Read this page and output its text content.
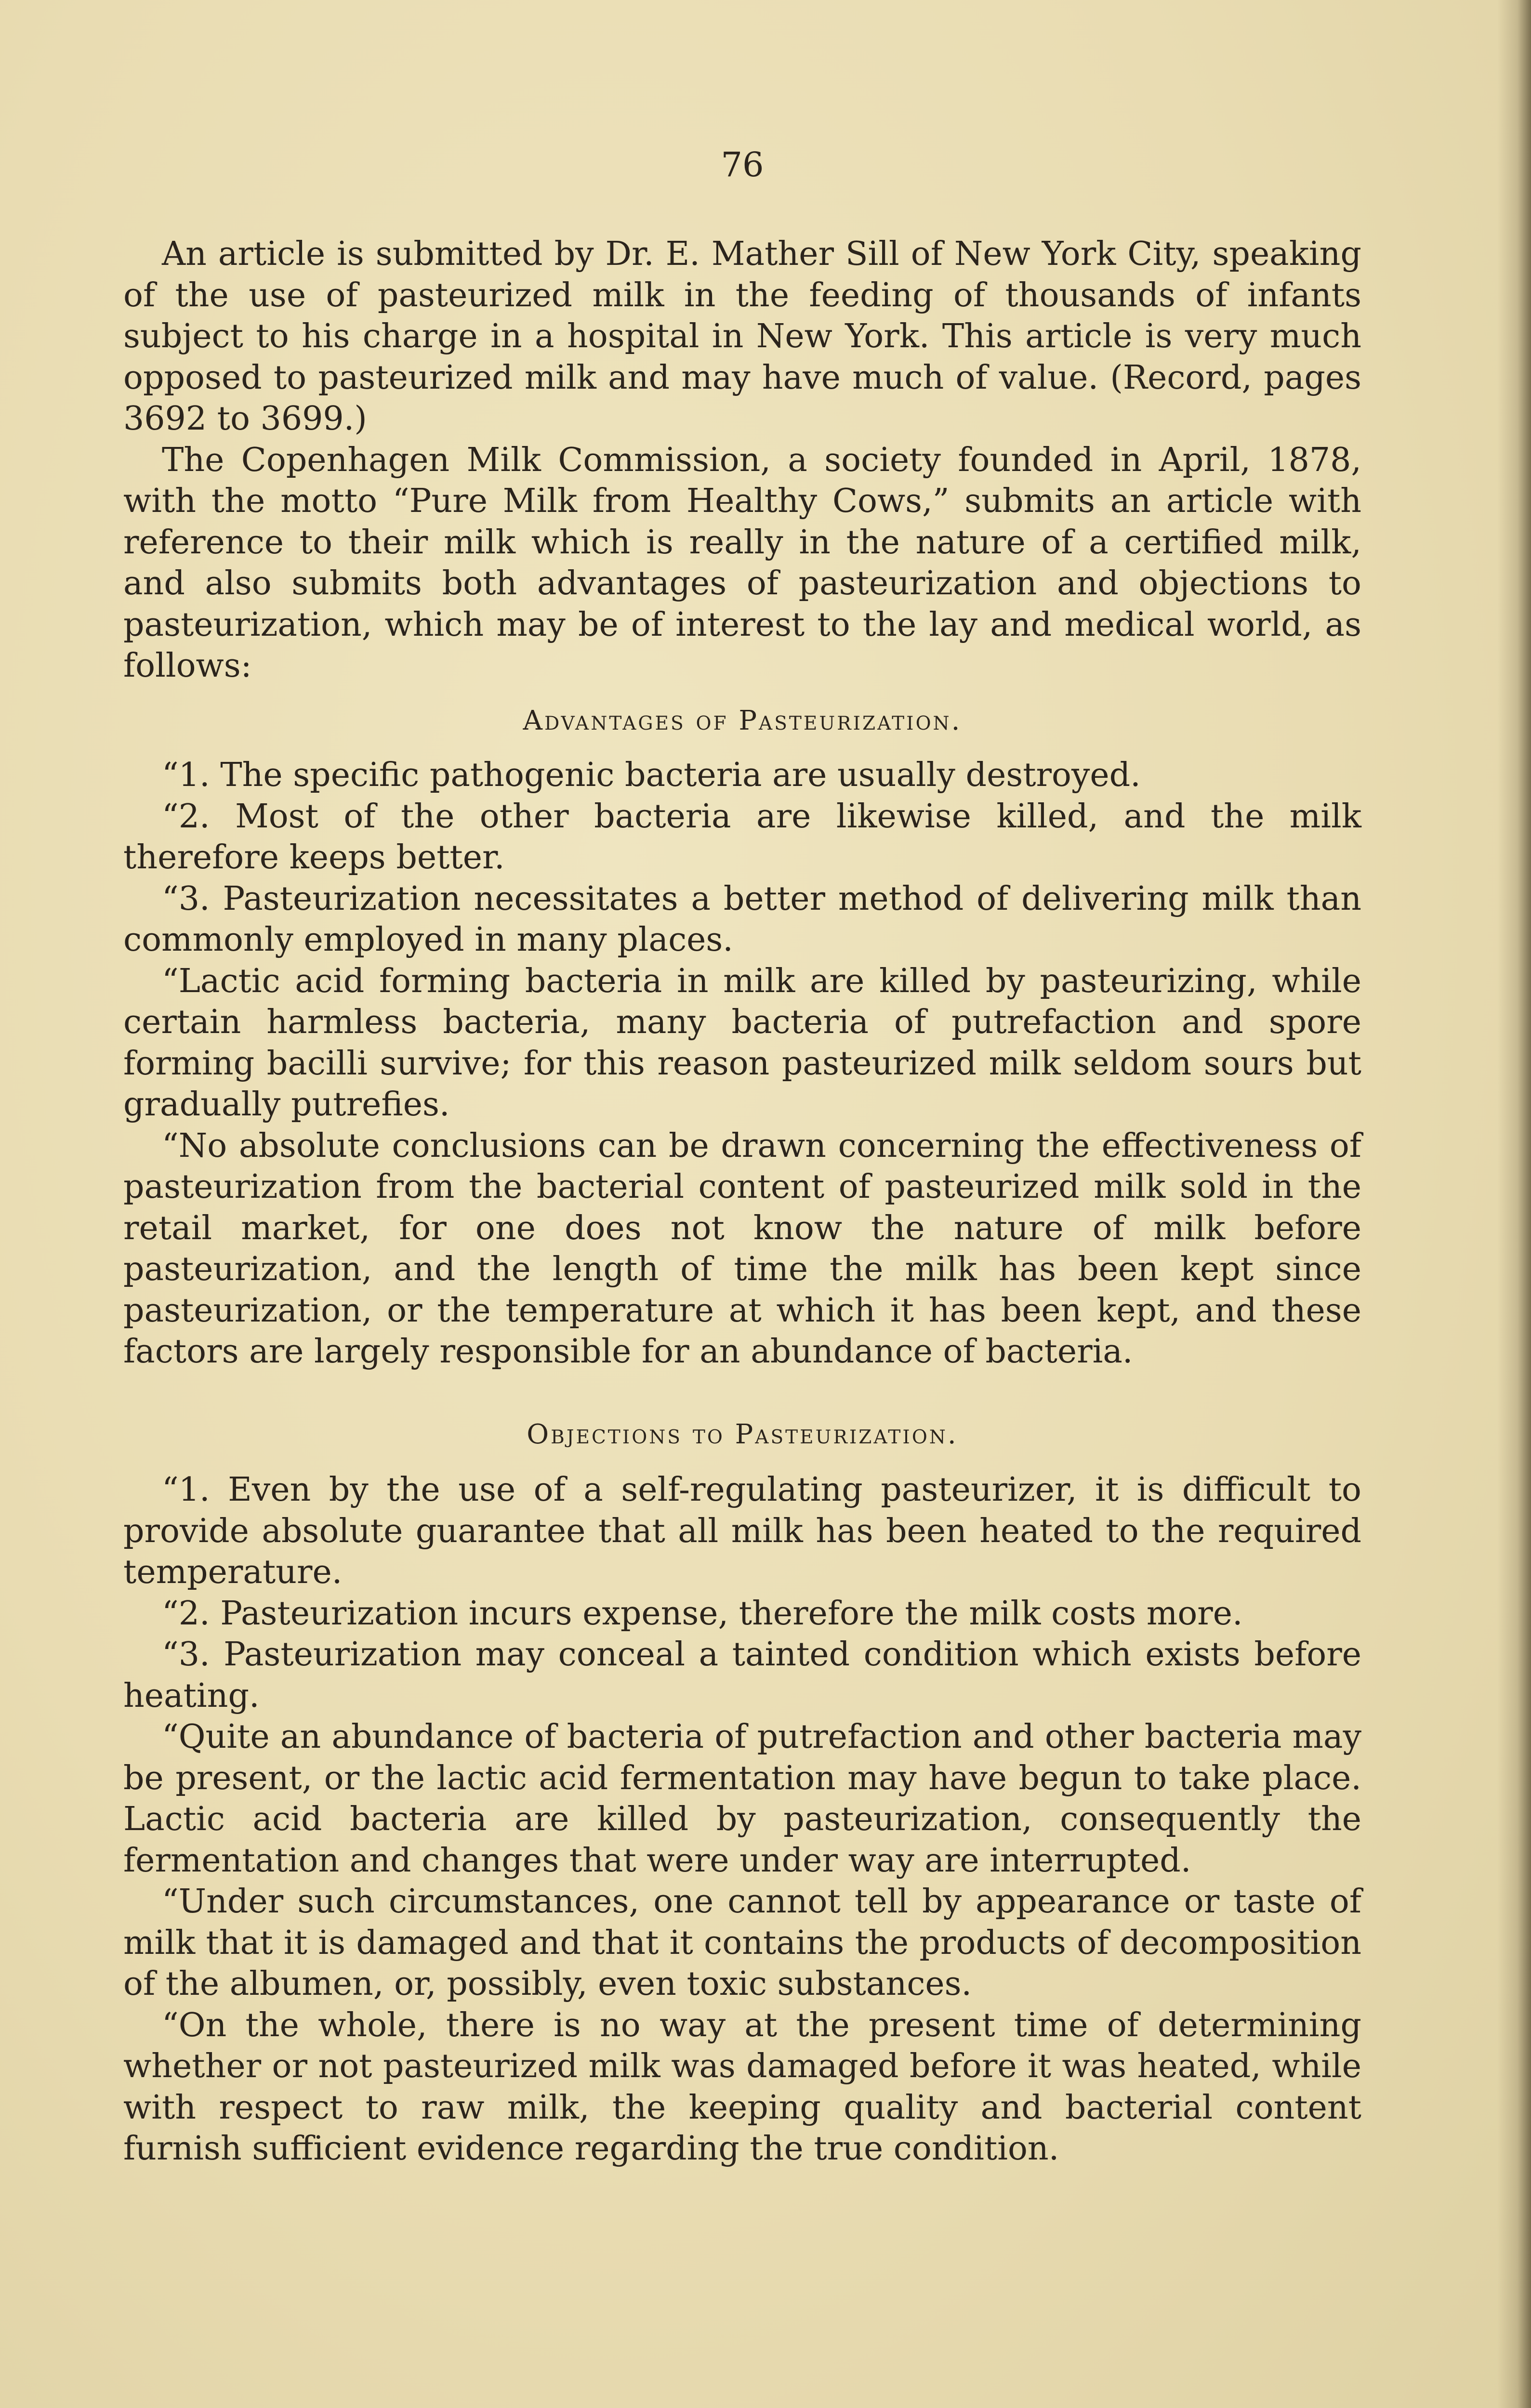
76

An article is submitted by Dr. E. Mather Sill of New York City, speaking of the use of pasteurized milk in the feeding of thousands of infants subject to his charge in a hospital in New York. This article is very much opposed to pasteurized milk and may have much of value. (Record, pages 3692 to 3699.)

The Copenhagen Milk Commission, a society founded in April, 1878, with the motto “Pure Milk from Healthy Cows,” submits an article with reference to their milk which is really in the nature of a certified milk, and also submits both advantages of pasteurization and objections to pasteurization, which may be of interest to the lay and medical world, as follows:

Advantages of Pasteurization.

“1. The specific pathogenic bacteria are usually destroyed.

“2. Most of the other bacteria are likewise killed, and the milk therefore keeps better.

“3. Pasteurization necessitates a better method of delivering milk than commonly employed in many places.

“Lactic acid forming bacteria in milk are killed by pasteurizing, while certain harmless bacteria, many bacteria of putrefaction and spore forming bacilli survive; for this reason pasteurized milk seldom sours but gradually putrefies.

“No absolute conclusions can be drawn concerning the effectiveness of pasteurization from the bacterial content of pasteurized milk sold in the retail market, for one does not know the nature of milk before pasteurization, and the length of time the milk has been kept since pasteurization, or the temperature at which it has been kept, and these factors are largely responsible for an abundance of bacteria.

Objections to Pasteurization.

“1. Even by the use of a self-regulating pasteurizer, it is difficult to provide absolute guarantee that all milk has been heated to the required temperature.

“2. Pasteurization incurs expense, therefore the milk costs more.

“3. Pasteurization may conceal a tainted condition which exists before heating.

“Quite an abundance of bacteria of putrefaction and other bacteria may be present, or the lactic acid fermentation may have begun to take place. Lactic acid bacteria are killed by pasteurization, consequently the fermentation and changes that were under way are interrupted.

“Under such circumstances, one cannot tell by appearance or taste of milk that it is damaged and that it contains the products of decomposition of the albumen, or, possibly, even toxic substances.

“On the whole, there is no way at the present time of determining whether or not pasteurized milk was damaged before it was heated, while with respect to raw milk, the keeping quality and bacterial content furnish sufficient evidence regarding the true condition.
